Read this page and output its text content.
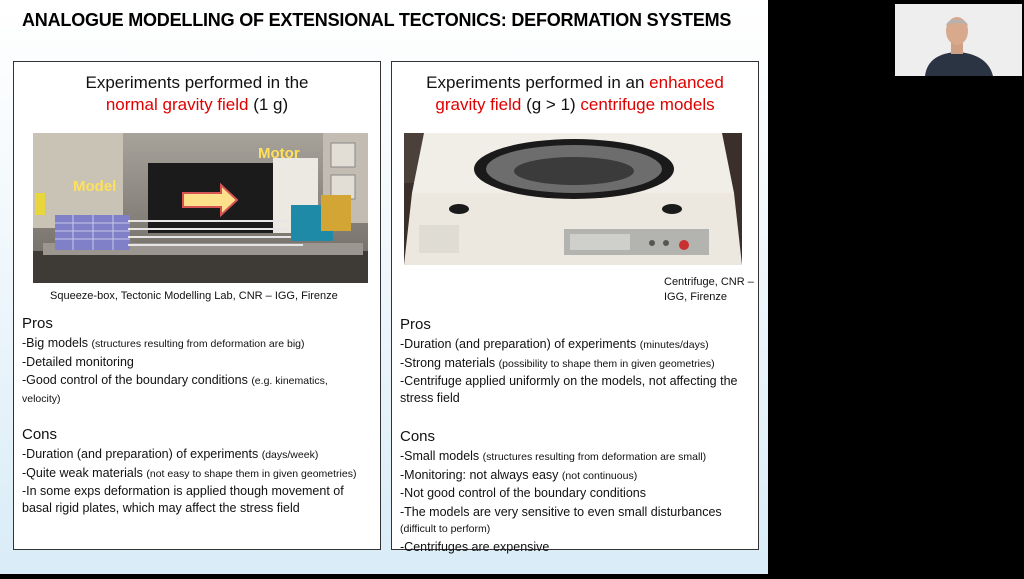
ANALOGUE MODELLING OF EXTENSIONAL TECTONICS: DEFORMATION SYSTEMS
Experiments performed in the
normal gravity field (1 g)
Model
Motor
Squeeze-box, Tectonic Modelling Lab, CNR – IGG, Firenze
Pros
-Big models (structures resulting from deformation are big)
-Detailed monitoring
-Good control of the boundary conditions (e.g. kinematics, velocity)
Cons
-Duration (and preparation) of experiments (days/week)
-Quite weak materials (not easy to shape them in given geometries)
-In some exps deformation is applied though movement of basal rigid plates, which may affect the stress field
Experiments performed in an enhanced
gravity field (g > 1) centrifuge models
Centrifuge, CNR – IGG, Firenze
Pros
-Duration (and preparation) of experiments (minutes/days)
-Strong materials (possibility to shape them in given geometries)
-Centrifuge applied uniformly on the models, not affecting the stress field
Cons
-Small models (structures resulting from deformation are small)
-Monitoring: not always easy (not continuous)
-Not good control of the boundary conditions
-The models are very sensitive to even small disturbances (difficult to perform)
-Centrifuges are expensive
